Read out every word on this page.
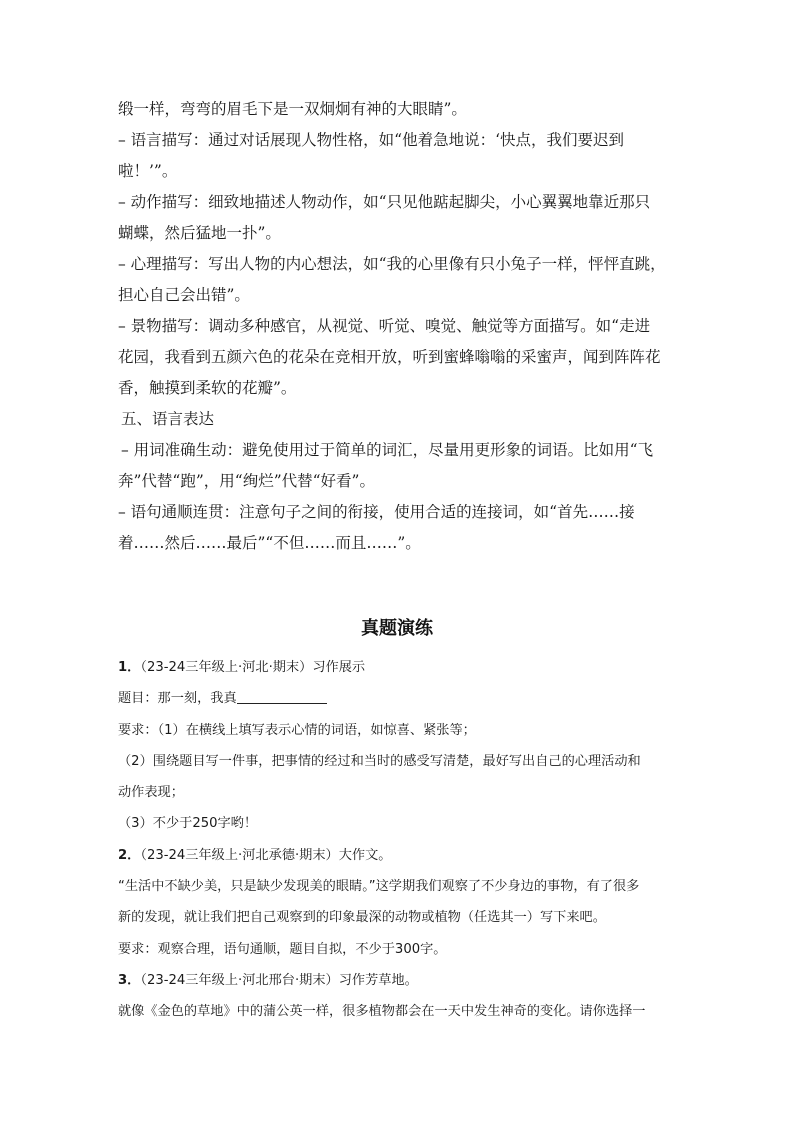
缎一样，弯弯的眉毛下是一双炯炯有神的大眼睛”。

– 语言描写：通过对话展现人物性格，如“他着急地说：‘快点，我们要迟到

啦！’”。

– 动作描写：细致地描述人物动作，如“只见他踮起脚尖，小心翼翼地靠近那只

蝴蝶，然后猛地一扑”。

– 心理描写：写出人物的内心想法，如“我的心里像有只小兔子一样，怦怦直跳，

担心自己会出错”。

– 景物描写：调动多种感官，从视觉、听觉、嗅觉、触觉等方面描写。如“走进

花园，我看到五颜六色的花朵在竞相开放，听到蜜蜂嗡嗡的采蜜声，闻到阵阵花

香，触摸到柔软的花瓣”。

五、语言表达

– 用词准确生动：避免使用过于简单的词汇，尽量用更形象的词语。比如用“飞

奔”代替“跑”，用“绚烂”代替“好看”。

– 语句通顺连贯：注意句子之间的衔接，使用合适的连接词，如“首先……接

着……然后……最后”“不但……而且……”。

真题演练

1．（23-24三年级上·河北·期末）习作展示

题目：那一刻，我真

要求：（1）在横线上填写表示心情的词语，如惊喜、紧张等；

（2）围绕题目写一件事，把事情的经过和当时的感受写清楚，最好写出自己的心理活动和

动作表现；

（3）不少于250字哟！

2．（23-24三年级上·河北承德·期末）大作文。

“生活中不缺少美，只是缺少发现美的眼睛。”这学期我们观察了不少身边的事物，有了很多

新的发现，就让我们把自己观察到的印象最深的动物或植物（任选其一）写下来吧。

要求：观察合理，语句通顺，题目自拟，不少于300字。

3．（23-24三年级上·河北邢台·期末）习作芳草地。

就像《金色的草地》中的蒲公英一样，很多植物都会在一天中发生神奇的变化。请你选择一
